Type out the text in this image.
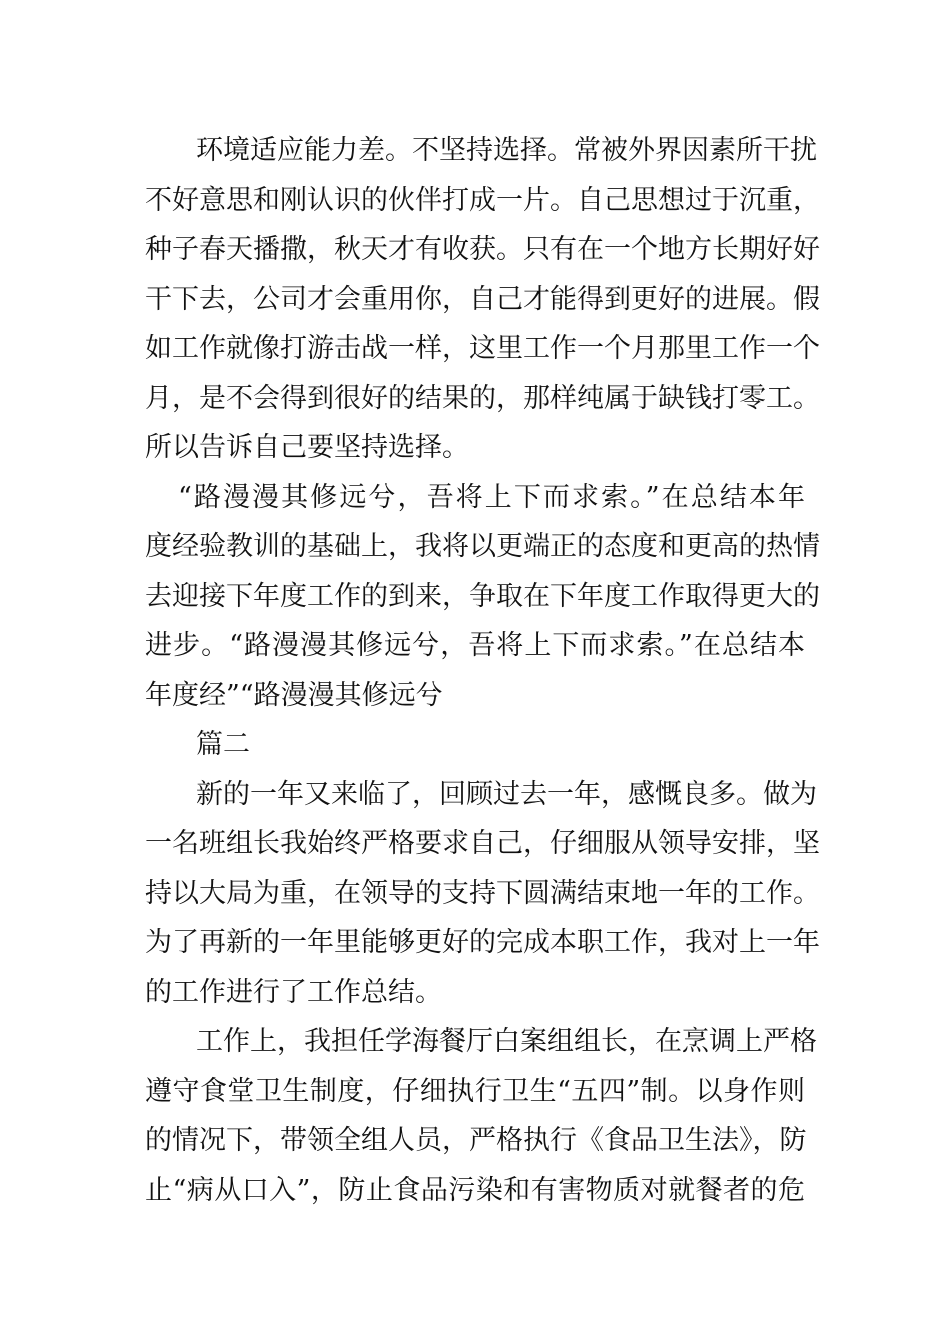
环境适应能力差。不坚持选择。常被外界因素所干扰
不好意思和刚认识的伙伴打成一片。自己思想过于沉重，
种子春天播撒，秋天才有收获。只有在一个地方长期好好
干下去，公司才会重用你，自己才能得到更好的进展。假
如工作就像打游击战一样，这里工作一个月那里工作一个
月，是不会得到很好的结果的，那样纯属于缺钱打零工。
所以告诉自己要坚持选择。
“路漫漫其修远兮，吾将上下而求索。”在总结本年
度经验教训的基础上，我将以更端正的态度和更高的热情
去迎接下年度工作的到来，争取在下年度工作取得更大的
进步。“路漫漫其修远兮，吾将上下而求索。”在总结本
年度经”“路漫漫其修远兮
篇二
新的一年又来临了，回顾过去一年，感慨良多。做为
一名班组长我始终严格要求自己，仔细服从领导安排，坚
持以大局为重，在领导的支持下圆满结束地一年的工作。
为了再新的一年里能够更好的完成本职工作，我对上一年
的工作进行了工作总结。
工作上，我担任学海餐厅白案组组长，在烹调上严格
遵守食堂卫生制度，仔细执行卫生“五四”制。以身作则
的情况下，带领全组人员，严格执行《食品卫生法》，防
止“病从口入”，防止食品污染和有害物质对就餐者的危
